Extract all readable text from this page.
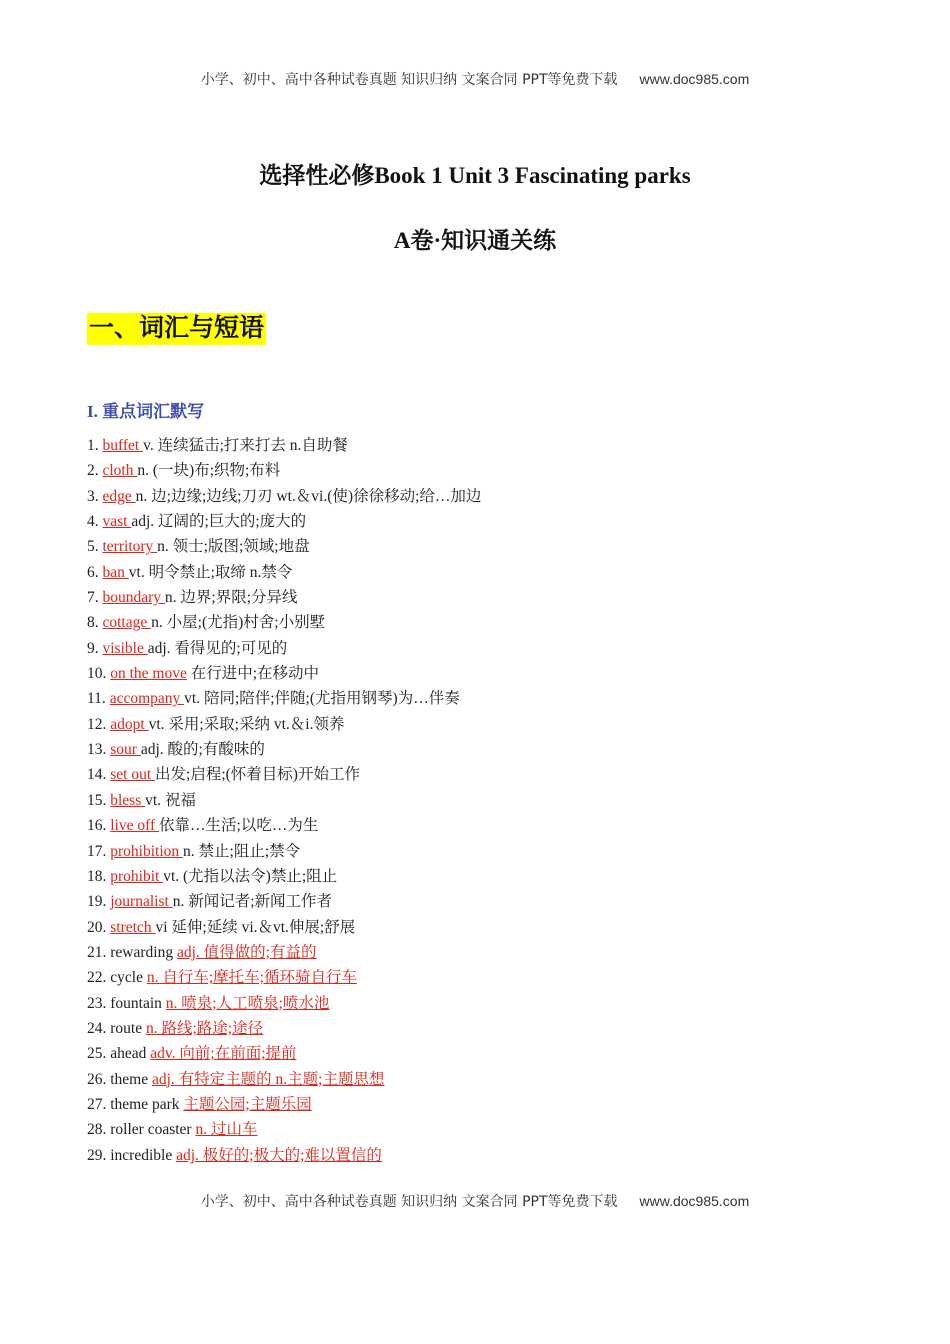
小学、初中、高中各种试卷真题 知识归纳 文案合同 PPT等免费下载 www.doc985.com
选择性必修Book 1 Unit 3 Fascinating parks
A卷·知识通关练
一、词汇与短语
I. 重点词汇默写
1. buffet v. 连续猛击;打来打去 n.自助餐
2. cloth n. (一块)布;织物;布料
3. edge n. 边;边缘;边线;刀刃 wt.＆vi.(使)徐徐移动;给…加边
4. vast adj. 辽阔的;巨大的;庞大的
5. territory n. 领士;版图;领域;地盘
6. ban vt. 明令禁止;取缔 n.禁令
7. boundary n. 边界;界限;分异线
8. cottage n. 小屋;(尤指)村舍;小别墅
9. visible adj. 看得见的;可见的
10. on the move 在行进中;在移动中
11. accompany vt. 陪同;陪伴;伴随;(尤指用钢琴)为…伴奏
12. adopt vt. 采用;采取;采纳 vt.＆i.领养
13. sour adj. 酸的;有酸味的
14. set out 出发;启程;(怀着目标)开始工作
15. bless vt. 祝福
16. live off 依靠…生活;以吃…为生
17. prohibition n. 禁止;阻止;禁令
18. prohibit vt. (尤指以法令)禁止;阻止
19. journalist n. 新闻记者;新闻工作者
20. stretch vi 延伸;延续 vi.＆vt.伸展;舒展
21. rewarding adj. 值得做的;有益的
22. cycle n. 自行车;摩托车;循环骑自行车
23. fountain n. 喷泉;人工喷泉;喷水池
24. route n. 路线;路途;途径
25. ahead adv. 向前;在前面;提前
26. theme adj. 有特定主题的 n.主题;主题思想
27. theme park 主题公园;主题乐园
28. roller coaster n. 过山车
29. incredible adj. 极好的;极大的;难以置信的
小学、初中、高中各种试卷真题 知识归纳 文案合同 PPT等免费下载 www.doc985.com
